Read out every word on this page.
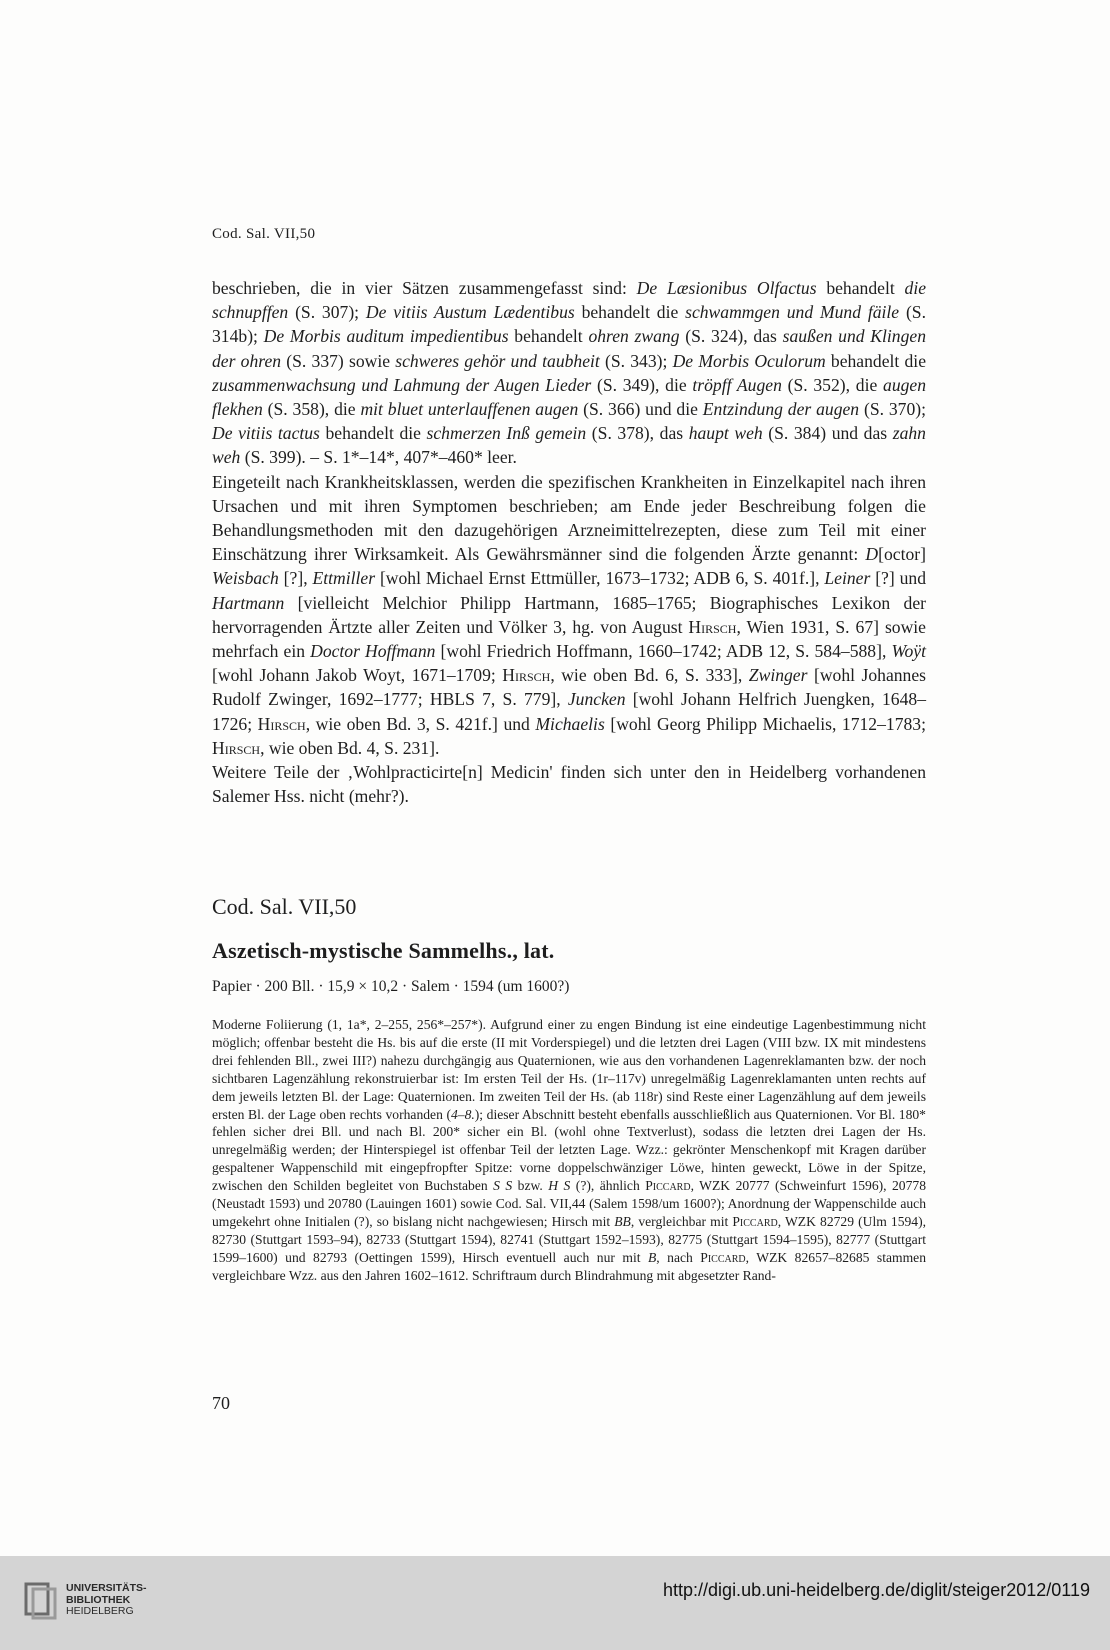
Cod. Sal. VII,50

beschrieben, die in vier Sätzen zusammengefasst sind: De Læsionibus Olfactus behandelt die schnupffen (S. 307); De vitiis Austum Lædentibus behandelt die schwammgen und Mund fäile (S. 314b); De Morbis auditum impedientibus behandelt ohren zwang (S. 324), das saußen und Klingen der ohren (S. 337) sowie schweres gehör und taubheit (S. 343); De Morbis Oculorum behandelt die zusammenwachsung und Lahmung der Augen Lieder (S. 349), die tröpff Augen (S. 352), die augen flekhen (S. 358), die mit bluet unterlauffenen augen (S. 366) und die Entzindung der augen (S. 370); De vitiis tactus behandelt die schmerzen Inß gemein (S. 378), das haupt weh (S. 384) und das zahn weh (S. 399). – S. 1*–14*, 407*–460* leer.

Eingeteilt nach Krankheitsklassen, werden die spezifischen Krankheiten in Einzelkapitel nach ihren Ursachen und mit ihren Symptomen beschrieben; am Ende jeder Beschreibung folgen die Behandlungsmethoden mit den dazugehörigen Arzneimittelrezepten, diese zum Teil mit einer Einschätzung ihrer Wirksamkeit. Als Gewährsmänner sind die folgenden Ärzte genannt: D[octor] Weisbach [?], Ettmiller [wohl Michael Ernst Ettmüller, 1673–1732; ADB 6, S. 401f.], Leiner [?] und Hartmann [vielleicht Melchior Philipp Hartmann, 1685–1765; Biographisches Lexikon der hervorragenden Ärtzte aller Zeiten und Völker 3, hg. von August Hirsch, Wien 1931, S. 67] sowie mehrfach ein Doctor Hoffmann [wohl Friedrich Hoffmann, 1660–1742; ADB 12, S. 584–588], Woÿt [wohl Johann Jakob Woyt, 1671–1709; Hirsch, wie oben Bd. 6, S. 333], Zwinger [wohl Johannes Rudolf Zwinger, 1692–1777; HBLS 7, S. 779], Juncken [wohl Johann Helfrich Juengken, 1648–1726; Hirsch, wie oben Bd. 3, S. 421f.] und Michaelis [wohl Georg Philipp Michaelis, 1712–1783; Hirsch, wie oben Bd. 4, S. 231].

Weitere Teile der ‚Wohlpracticirte[n] Medicin' finden sich unter den in Heidelberg vorhandenen Salemer Hss. nicht (mehr?).

Cod. Sal. VII,50
Aszetisch-mystische Sammelhs., lat.
Papier · 200 Bll. · 15,9 × 10,2 · Salem · 1594 (um 1600?)
Moderne Foliierung (1, 1a*, 2–255, 256*–257*). Aufgrund einer zu engen Bindung ist eine eindeutige Lagenbestimmung nicht möglich; offenbar besteht die Hs. bis auf die erste (II mit Vorderspiegel) und die letzten drei Lagen (VIII bzw. IX mit mindestens drei fehlenden Bll., zwei III?) nahezu durchgängig aus Quaternionen, wie aus den vorhandenen Lagenreklamanten bzw. der noch sichtbaren Lagenzählung rekonstruierbar ist: Im ersten Teil der Hs. (1r–117v) unregelmäßig Lagenreklamanten unten rechts auf dem jeweils letzten Bl. der Lage: Quaternionen. Im zweiten Teil der Hs. (ab 118r) sind Reste einer Lagenzählung auf dem jeweils ersten Bl. der Lage oben rechts vorhanden (4–8.); dieser Abschnitt besteht ebenfalls ausschließlich aus Quaternionen. Vor Bl. 180* fehlen sicher drei Bll. und nach Bl. 200* sicher ein Bl. (wohl ohne Textverlust), sodass die letzten drei Lagen der Hs. unregelmäßig werden; der Hinterspiegel ist offenbar Teil der letzten Lage. Wzz.: gekrönter Menschenkopf mit Kragen darüber gespaltener Wappenschild mit eingepfropfter Spitze: vorne doppelschwänziger Löwe, hinten geweckt, Löwe in der Spitze, zwischen den Schilden begleitet von Buchstaben S S bzw. H S (?), ähnlich Piccard, WZK 20777 (Schweinfurt 1596), 20778 (Neustadt 1593) und 20780 (Lauingen 1601) sowie Cod. Sal. VII,44 (Salem 1598/um 1600?); Anordnung der Wappenschilde auch umgekehrt ohne Initialen (?), so bislang nicht nachgewiesen; Hirsch mit BB, vergleichbar mit Piccard, WZK 82729 (Ulm 1594), 82730 (Stuttgart 1593–94), 82733 (Stuttgart 1594), 82741 (Stuttgart 1592–1593), 82775 (Stuttgart 1594–1595), 82777 (Stuttgart 1599–1600) und 82793 (Oettingen 1599), Hirsch eventuell auch nur mit B, nach Piccard, WZK 82657–82685 stammen vergleichbare Wzz. aus den Jahren 1602–1612. Schriftraum durch Blindrahmung mit abgesetzter Rand-
70
UNIVERSITÄTS-
BIBLIOTHEK
HEIDELBERG
http://digi.ub.uni-heidelberg.de/diglit/steiger2012/0119
